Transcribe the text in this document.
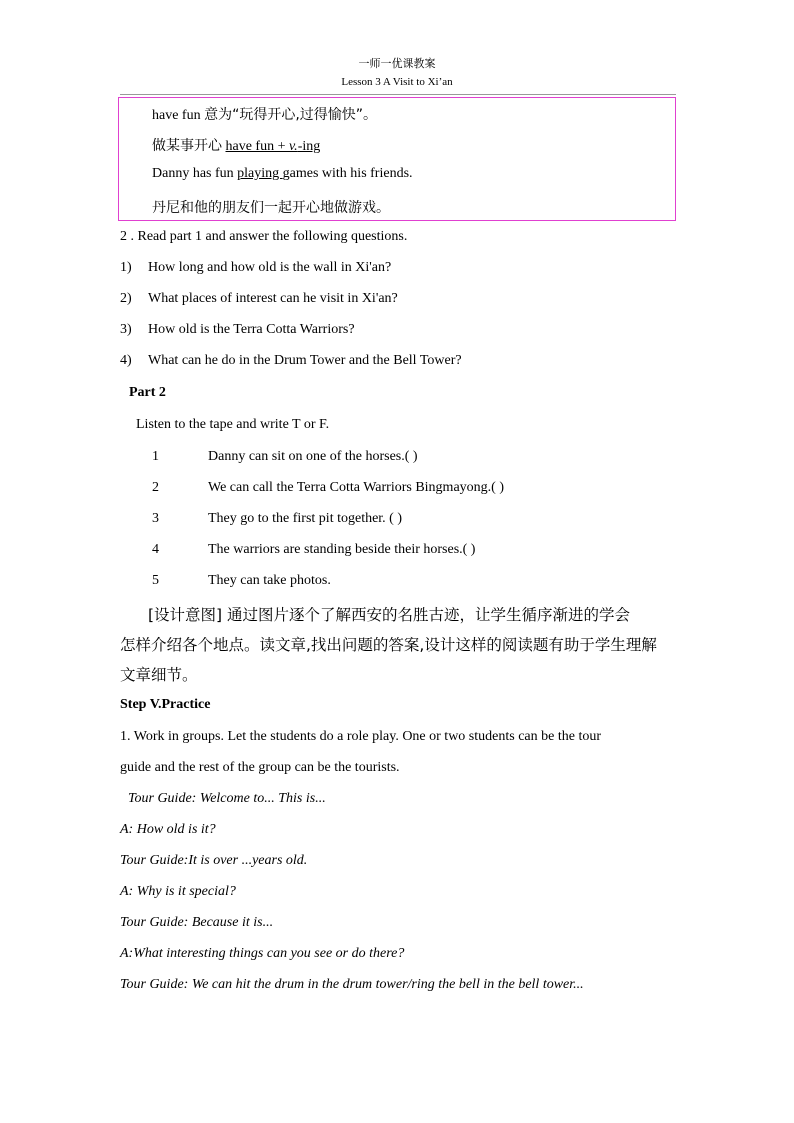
一师一优课教案
Lesson 3 A Visit to Xi’an
have fun 意为“玩得开心,过得愉快”。
做某事开心 have fun + v.-ing
Danny has fun playing games with his friends.
丹尼和他的朋友们一起开心地做游戏。
2 . Read part 1 and answer the following questions.
1) How long and how old is the wall in Xi'an?
2) What places of interest can he visit in Xi'an?
3) How old is the Terra Cotta Warriors?
4) What can he do in the Drum Tower and the Bell Tower?
Part 2
Listen to the tape and write T or F.
1	Danny can sit on one of the horses.( )
2	We can call the Terra Cotta Warriors Bingmayong.( )
3	They go to the first pit together. ( )
4	The warriors are standing beside their horses.( )
5	They can take photos.
[设计意图] 通过图片逐个了解西安的名胜古迹，让学生循序渐进的学会
怎样介绍各个地点。读文章,找出问题的答案,设计这样的阅读题有助于学生理解
文章细节。
Step V.Practice
1. Work in groups. Let the students do a role play. One or two students can be the tour
guide and the rest of the group can be the tourists.
Tour Guide: Welcome to... This is...
A: How old is it?
Tour Guide:It is over ...years old.
A: Why is it special?
Tour Guide: Because it is...
A:What interesting things can you see or do there?
Tour Guide: We can hit the drum in the drum tower/ring the bell in the bell tower...
